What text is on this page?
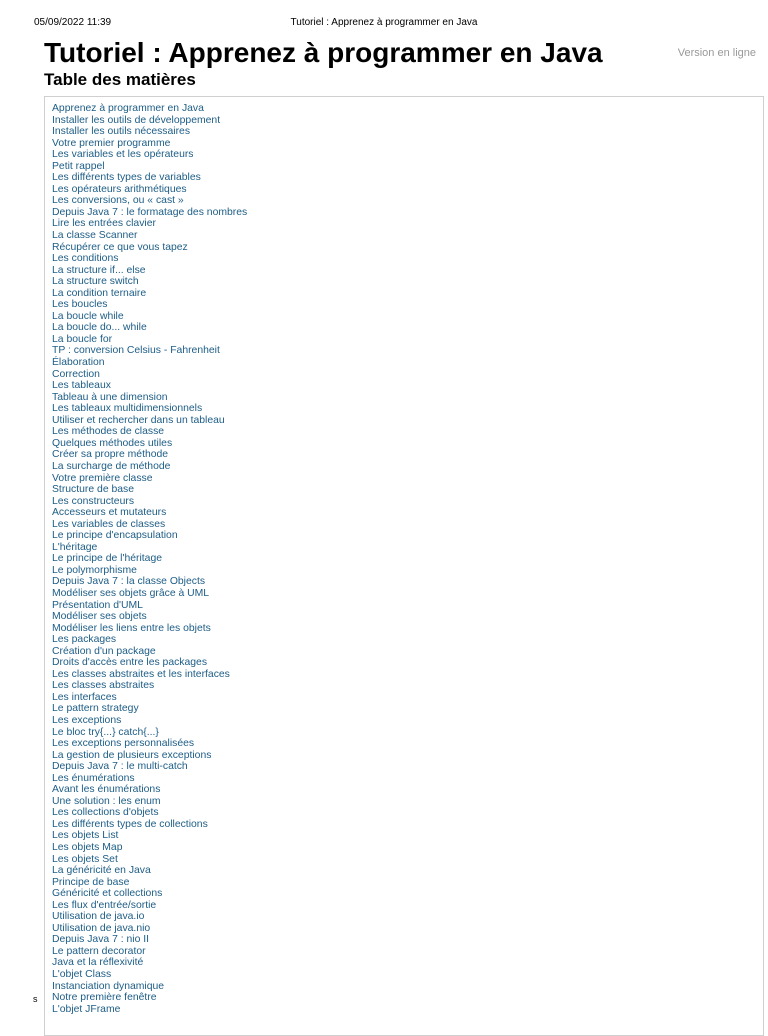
05/09/2022 11:39	Tutoriel : Apprenez à programmer en Java
Tutoriel : Apprenez à programmer en Java	Version en ligne
Table des matières
Apprenez à programmer en Java
Installer les outils de développement
Installer les outils nécessaires
Votre premier programme
Les variables et les opérateurs
Petit rappel
Les différents types de variables
Les opérateurs arithmétiques
Les conversions, ou « cast »
Depuis Java 7 : le formatage des nombres
Lire les entrées clavier
La classe Scanner
Récupérer ce que vous tapez
Les conditions
La structure if... else
La structure switch
La condition ternaire
Les boucles
La boucle while
La boucle do... while
La boucle for
TP : conversion Celsius - Fahrenheit
Élaboration
Correction
Les tableaux
Tableau à une dimension
Les tableaux multidimensionnels
Utiliser et rechercher dans un tableau
Les méthodes de classe
Quelques méthodes utiles
Créer sa propre méthode
La surcharge de méthode
Votre première classe
Structure de base
Les constructeurs
Accesseurs et mutateurs
Les variables de classes
Le principe d'encapsulation
L'héritage
Le principe de l'héritage
Le polymorphisme
Depuis Java 7 : la classe Objects
Modéliser ses objets grâce à UML
Présentation d'UML
Modéliser ses objets
Modéliser les liens entre les objets
Les packages
Création d'un package
Droits d'accès entre les packages
Les classes abstraites et les interfaces
Les classes abstraites
Les interfaces
Le pattern strategy
Les exceptions
Le bloc try{...} catch{...}
Les exceptions personnalisées
La gestion de plusieurs exceptions
Depuis Java 7 : le multi-catch
Les énumérations
Avant les énumérations
Une solution : les enum
Les collections d'objets
Les différents types de collections
Les objets List
Les objets Map
Les objets Set
La généricité en Java
Principe de base
Généricité et collections
Les flux d'entrée/sortie
Utilisation de java.io
Utilisation de java.nio
Depuis Java 7 : nio II
Le pattern decorator
Java et la réflexivité
L'objet Class
Instanciation dynamique
Notre première fenêtre
L'objet JFrame
s
